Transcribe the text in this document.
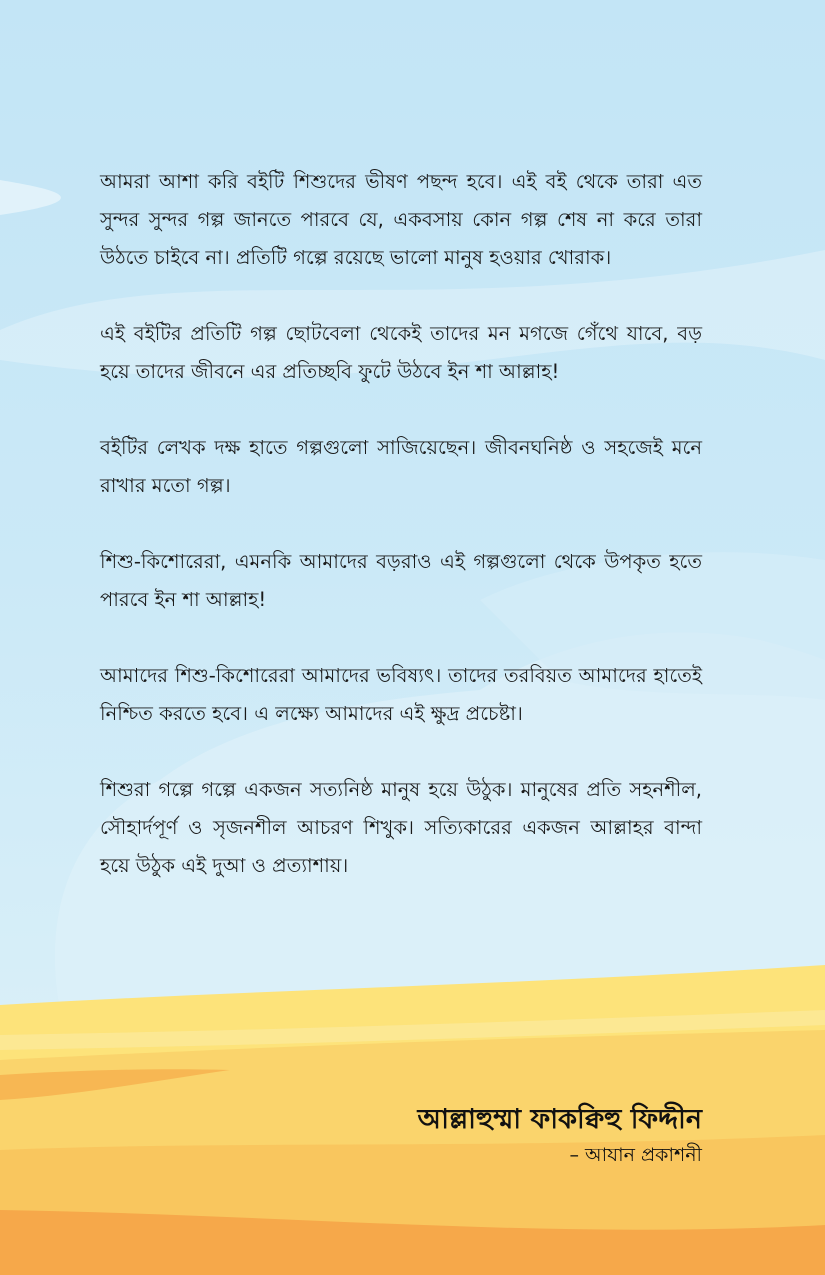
আমরা আশা করি বইটি শিশুদের ভীষণ পছন্দ হবে। এই বই থেকে তারা এত সুন্দর সুন্দর গল্প জানতে পারবে যে, একবসায় কোন গল্প শেষ না করে তারা উঠতে চাইবে না। প্রতিটি গল্পে রয়েছে ভালো মানুষ হওয়ার খোরাক।

এই বইটির প্রতিটি গল্প ছোটবেলা থেকেই তাদের মন মগজে গেঁথে যাবে, বড় হয়ে তাদের জীবনে এর প্রতিচ্ছবি ফুটে উঠবে ইন শা আল্লাহ!

বইটির লেখক দক্ষ হাতে গল্পগুলো সাজিয়েছেন। জীবনঘনিষ্ঠ ও সহজেই মনে রাখার মতো গল্প।

শিশু-কিশোরেরা, এমনকি আমাদের বড়রাও এই গল্পগুলো থেকে উপকৃত হতে পারবে ইন শা আল্লাহ!

আমাদের শিশু-কিশোরেরা আমাদের ভবিষ্যৎ। তাদের তরবিয়ত আমাদের হাতেই নিশ্চিত করতে হবে। এ লক্ষ্যে আমাদের এই ক্ষুদ্র প্রচেষ্টা।

শিশুরা গল্পে গল্পে একজন সত্যনিষ্ঠ মানুষ হয়ে উঠুক। মানুষের প্রতি সহনশীল, সৌহার্দপূর্ণ ও সৃজনশীল আচরণ শিখুক। সত্যিকারের একজন আল্লাহর বান্দা হয়ে উঠুক এই দুআ ও প্রত্যাশায়।

আল্লাহুম্মা ফাকক্বিহু ফিদ্দীন
– আযান প্রকাশনী
